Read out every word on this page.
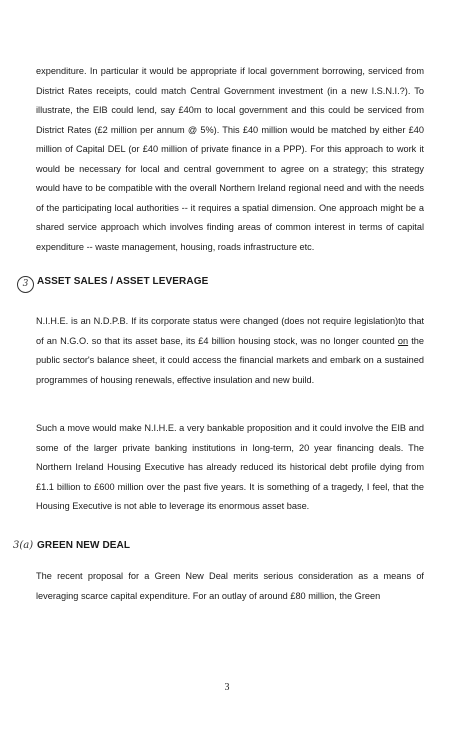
expenditure. In particular it would be appropriate if local government borrowing, serviced from District Rates receipts, could match Central Government investment (in a new I.S.N.I.?). To illustrate, the EIB could lend, say £40m to local government and this could be serviced from District Rates (£2 million per annum @ 5%). This £40 million would be matched by either £40 million of Capital DEL (or £40 million of private finance in a PPP). For this approach to work it would be necessary for local and central government to agree on a strategy; this strategy would have to be compatible with the overall Northern Ireland regional need and with the needs of the participating local authorities -- it requires a spatial dimension. One approach might be a shared service approach which involves finding areas of common interest in terms of capital expenditure -- waste management, housing, roads infrastructure etc.

3 ASSET SALES / ASSET LEVERAGE

N.I.H.E. is an N.D.P.B. If its corporate status were changed (does not require legislation)to that of an N.G.O. so that its asset base, its £4 billion housing stock, was no longer counted on the public sector's balance sheet, it could access the financial markets and embark on a sustained programmes of housing renewals, effective insulation and new build.

Such a move would make N.I.H.E. a very bankable proposition and it could involve the EIB and some of the larger private banking institutions in long-term, 20 year financing deals. The Northern Ireland Housing Executive has already reduced its historical debt profile dying from £1.1 billion to £600 million over the past five years. It is something of a tragedy, I feel, that the Housing Executive is not able to leverage its enormous asset base.

3(a) GREEN NEW DEAL

The recent proposal for a Green New Deal merits serious consideration as a means of leveraging scarce capital expenditure. For an outlay of around £80 million, the Green

3
